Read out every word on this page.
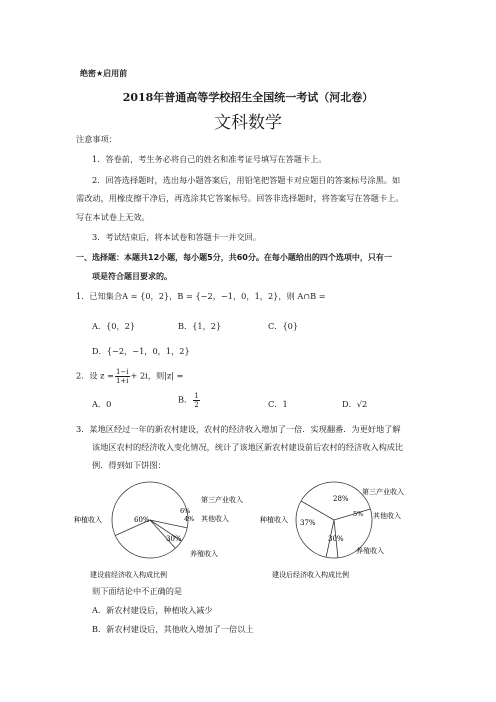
绝密★启用前
2018年普通高等学校招生全国统一考试（河北卷）
文科数学
注意事项：
1．答卷前，考生务必将自己的姓名和准考证号填写在答题卡上。
2．回答选择题时，选出每小题答案后，用铅笔把答题卡对应题目的答案标号涂黑。如
需改动，用橡皮擦干净后，再选涂其它答案标号。回答非选择题时，将答案写在答题卡上。
写在本试卷上无效。
3．考试结束后，将本试卷和答题卡一并交回。
一、选择题：本题共12小题，每小题5分，共60分。在每小题给出的四个选项中，只有一
项是符合题目要求的。
1．已知集合A = {0，2}，B = {−2，−1，0，1，2}，则 A∩B =
A．{0，2}	B．{1，2}	C．{0}
D．{−2，−1，0，1，2}
2．设 $z = \frac{1-i}{1+i} + 2i$，则|z| =
A．0	B． $\frac{1}{2}$	C．1	D．√2
3．某地区经过一年的新农村建设，农村的经济收入增加了一倍．实现翻番．为更好地了解
该地区农村的经济收入变化情况，统计了该地区新农村建设前后农村的经济收入构成比
例．得到如下饼图：
种植收入
第三产业收入
其他收入
养殖收入
60%
6%
4%
30%
建设前经济收入构成比例
种植收入
第三产业收入
其他收入
养殖收入
37%
28%
5%
30%
建设后经济收入构成比例
则下面结论中不正确的是
A．新农村建设后，种植收入减少
B．新农村建设后，其他收入增加了一倍以上
